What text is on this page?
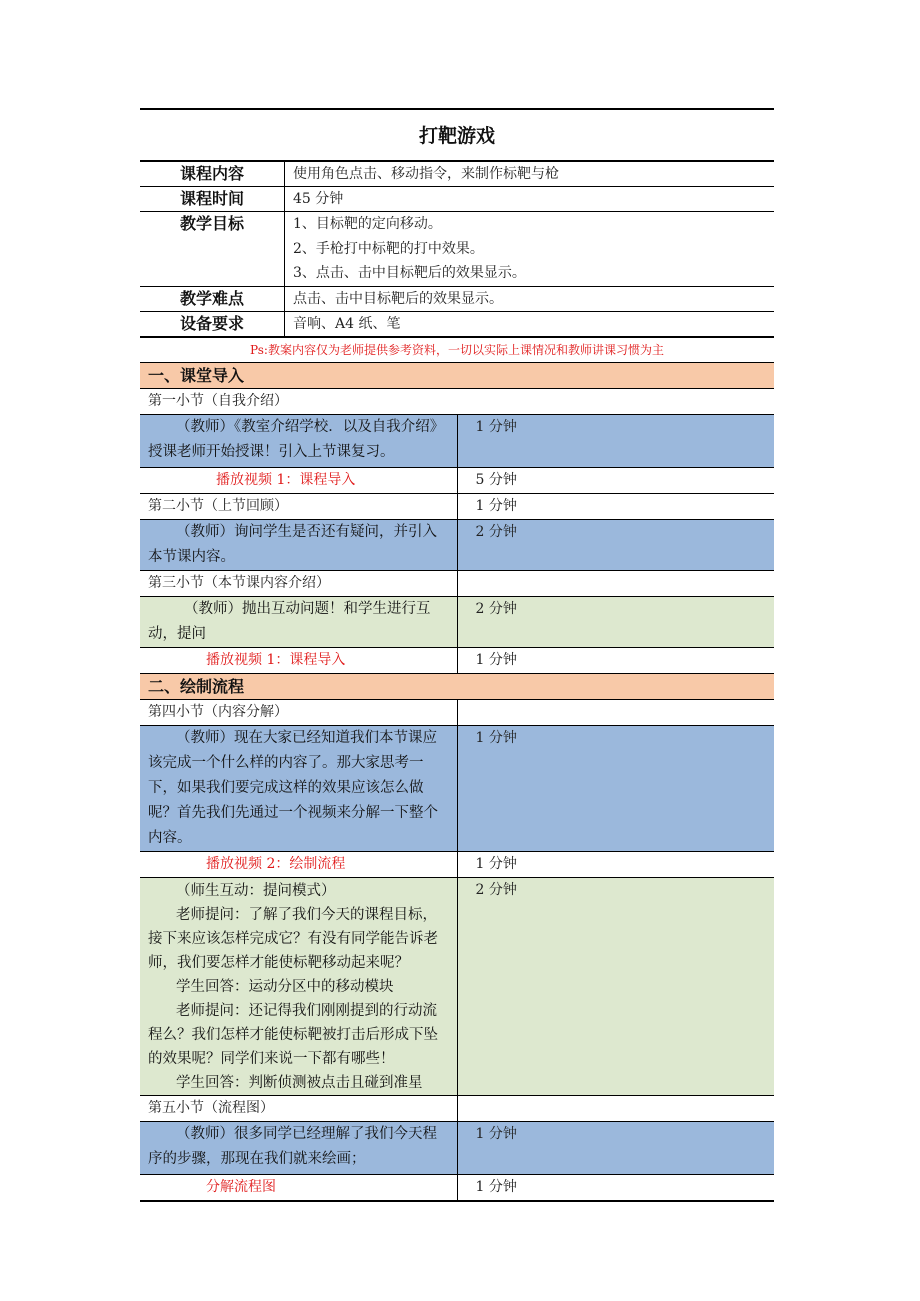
打靶游戏
课程内容	使用角色点击、移动指令，来制作标靶与枪
课程时间	45 分钟
教学目标	1、目标靶的定向移动。
2、手枪打中标靶的打中效果。
3、点击、击中目标靶后的效果显示。

教学难点	点击、击中目标靶后的效果显示。
设备要求	音响、A4 纸、笔
Ps:教案内容仅为老师提供参考资料，一切以实际上课情况和教师讲课习惯为主
一、课堂导入	
第一小节（自我介绍）	
（教师）《教室介绍学校．以及自我介绍》授课老师开始授课！引入上节课复习。	1 分钟
播放视频 1：课程导入	5 分钟
第二小节（上节回顾）	1 分钟
（教师）询问学生是否还有疑问，并引入本节课内容。	2 分钟
第三小节（本节课内容介绍）	
（教师）抛出互动问题！和学生进行互动，提问	2 分钟
播放视频 1：课程导入	1 分钟
二、绘制流程	
第四小节（内容分解）	
（教师）现在大家已经知道我们本节课应该完成一个什么样的内容了。那大家思考一下，如果我们要完成这样的效果应该怎么做呢？首先我们先通过一个视频来分解一下整个内容。	1 分钟
播放视频 2：绘制流程	1 分钟

（师生互动：提问模式）
老师提问：了解了我们今天的课程目标，接下来应该怎样完成它？有没有同学能告诉老师，我们要怎样才能使标靶移动起来呢？
学生回答：运动分区中的移动模块
老师提问：还记得我们刚刚提到的行动流程么？我们怎样才能使标靶被打击后形成下坠的效果呢？同学们来说一下都有哪些！
学生回答：判断侦测被点击且碰到准星	2 分钟
第五小节（流程图）	
（教师）很多同学已经理解了我们今天程序的步骤，那现在我们就来绘画；	1 分钟
分解流程图	1 分钟
